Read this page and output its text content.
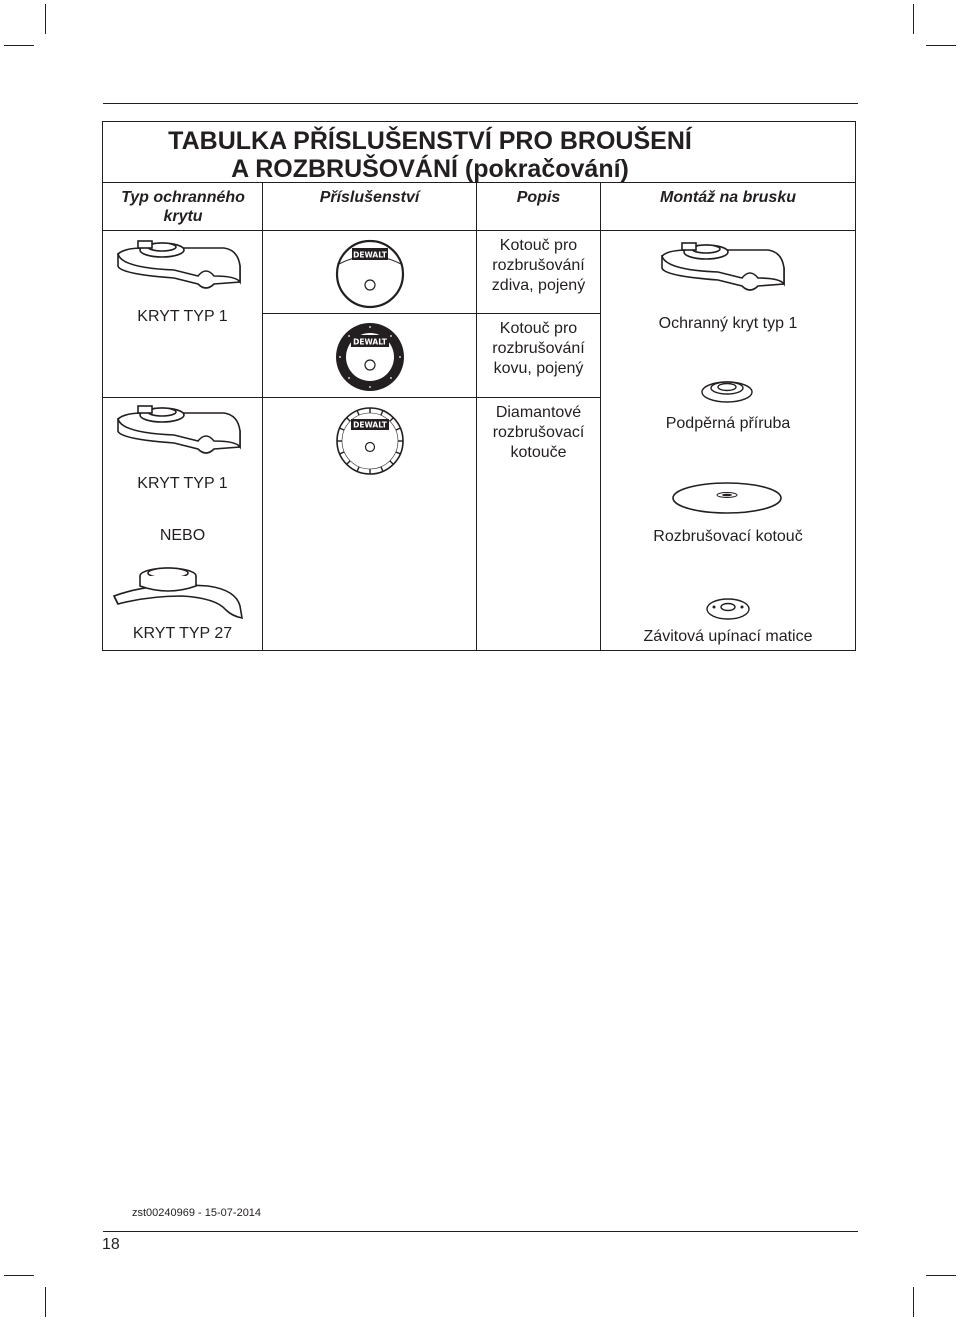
TABULKA PŘÍSLUŠENSTVÍ PRO BROUŠENÍ
A ROZBRUŠOVÁNÍ (pokračování)
Typ ochranného krytu
Příslušenství	Popis	Montáž na brusku
KRYT TYP 1
KRYT TYP 1
NEBO
KRYT TYP 27
DEWALT
DEWALT
DEWALT
Kotouč pro rozbrušování zdiva, pojený
Kotouč pro rozbrušování kovu, pojený
Diamantové rozbrušovací kotouče
Ochranný kryt typ 1
Podpěrná příruba
Rozbrušovací kotouč
Závitová upínací matice
zst00240969 - 15-07-2014
18
